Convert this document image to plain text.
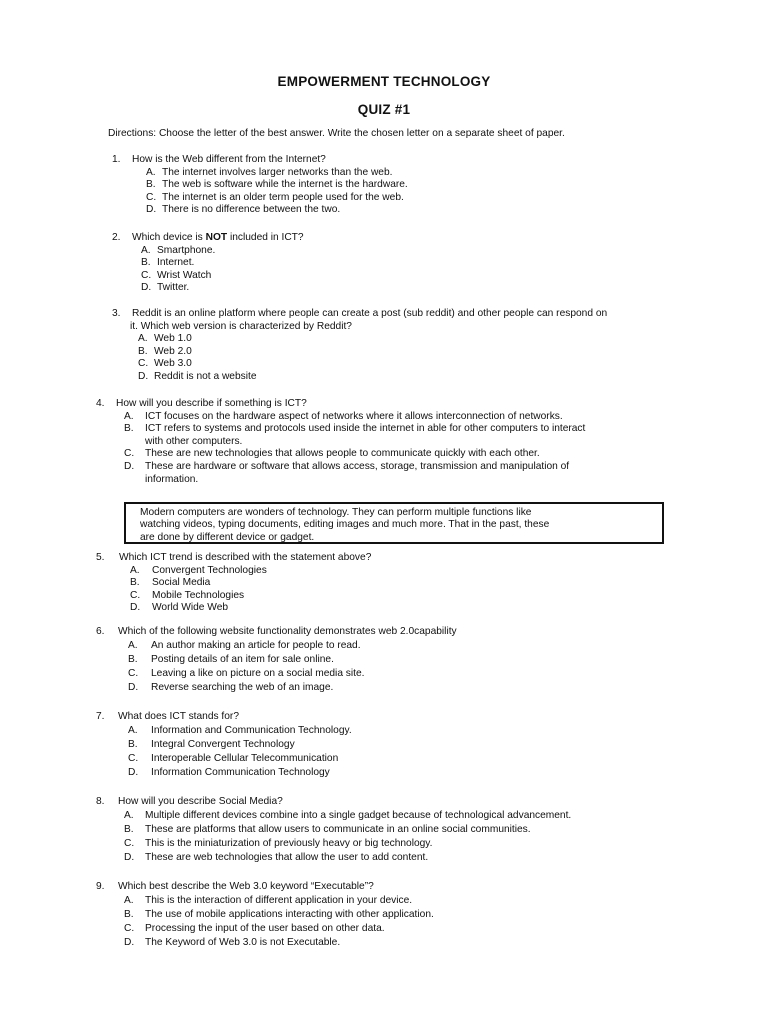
EMPOWERMENT TECHNOLOGY
QUIZ #1
Directions: Choose the letter of the best answer. Write the chosen letter on a separate sheet of paper.
1.	How is the Web different from the Internet?
A. The internet involves larger networks than the web.
B. The web is software while the internet is the hardware.
C. The internet is an older term people used for the web.
D. There is no difference between the two.
2.	Which device is NOT included in ICT?
A. Smartphone.
B. Internet.
C. Wrist Watch
D. Twitter.
3.	Reddit is an online platform where people can create a post (sub reddit) and other people can respond on
it. Which web version is characterized by Reddit?
A. Web 1.0
B. Web 2.0
C. Web 3.0
D. Reddit is not a website
4.	How will you describe if something is ICT?
A.	ICT focuses on the hardware aspect of networks where it allows interconnection of networks.
B.	ICT refers to systems and protocols used inside the internet in able for other computers to interact
with other computers.
C.	These are new technologies that allows people to communicate quickly with each other.
D.	These are hardware or software that allows access, storage, transmission and manipulation of
information.
Modern computers are wonders of technology. They can perform multiple functions like
watching videos, typing documents, editing images and much more. That in the past, these
are done by different device or gadget.
5.	Which ICT trend is described with the statement above?
A.	Convergent Technologies
B.	Social Media
C.	Mobile Technologies
D.	World Wide Web
6.	Which of the following website functionality demonstrates web 2.0capability
A.	An author making an article for people to read.
B.	Posting details of an item for sale online.
C.	Leaving a like on picture on a social media site.
D.	Reverse searching the web of an image.
7.	What does ICT stands for?
A.	Information and Communication Technology.
B.	Integral Convergent Technology
C.	Interoperable Cellular Telecommunication
D.	Information Communication Technology
8.	How will you describe Social Media?
A.	Multiple different devices combine into a single gadget because of technological advancement.
B.	These are platforms that allow users to communicate in an online social communities.
C.	This is the miniaturization of previously heavy or big technology.
D.	These are web technologies that allow the user to add content.
9.	Which best describe the Web 3.0 keyword “Executable”?
A.	This is the interaction of different application in your device.
B.	The use of mobile applications interacting with other application.
C.	Processing the input of the user based on other data.
D.	The Keyword of Web 3.0 is not Executable.
